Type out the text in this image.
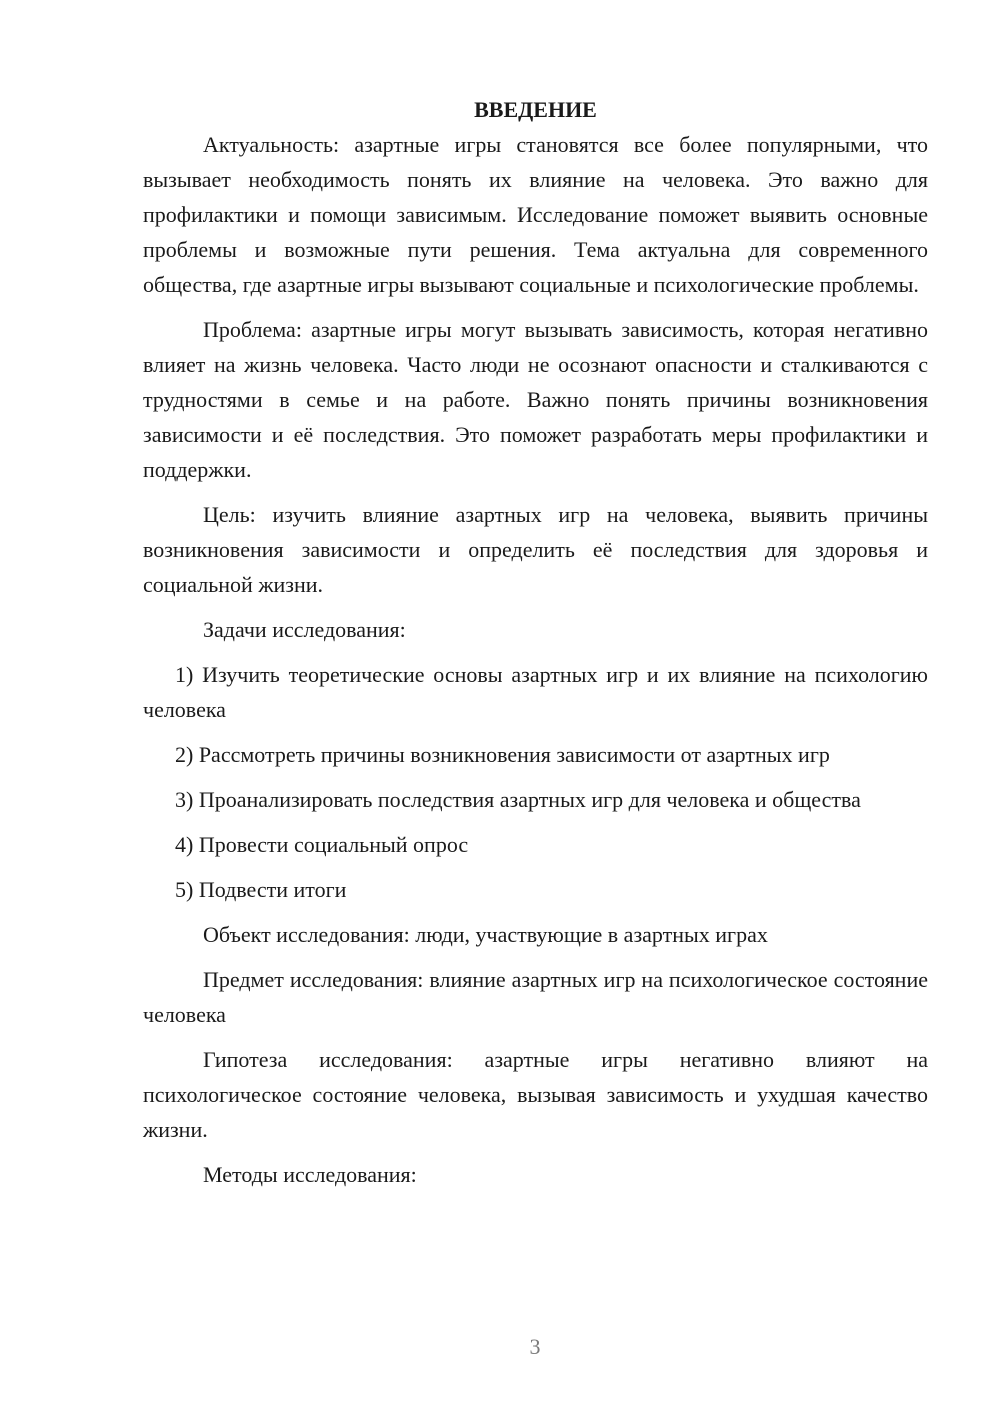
ВВЕДЕНИЕ

Актуальность: азартные игры становятся все более популярными, что вызывает необходимость понять их влияние на человека. Это важно для профилактики и помощи зависимым. Исследование поможет выявить основные проблемы и возможные пути решения. Тема актуальна для современного общества, где азартные игры вызывают социальные и психологические проблемы.

Проблема: азартные игры могут вызывать зависимость, которая негативно влияет на жизнь человека. Часто люди не осознают опасности и сталкиваются с трудностями в семье и на работе. Важно понять причины возникновения зависимости и её последствия. Это поможет разработать меры профилактики и поддержки.

Цель: изучить влияние азартных игр на человека, выявить причины возникновения зависимости и определить её последствия для здоровья и социальной жизни.

Задачи исследования:

1) Изучить теоретические основы азартных игр и их влияние на психологию человека

2) Рассмотреть причины возникновения зависимости от азартных игр

3) Проанализировать последствия азартных игр для человека и общества

4) Провести социальный опрос

5) Подвести итоги

Объект исследования: люди, участвующие в азартных играх

Предмет исследования: влияние азартных игр на психологическое состояние человека

Гипотеза исследования: азартные игры негативно влияют на психологическое состояние человека, вызывая зависимость и ухудшая качество жизни.

Методы исследования:

3
